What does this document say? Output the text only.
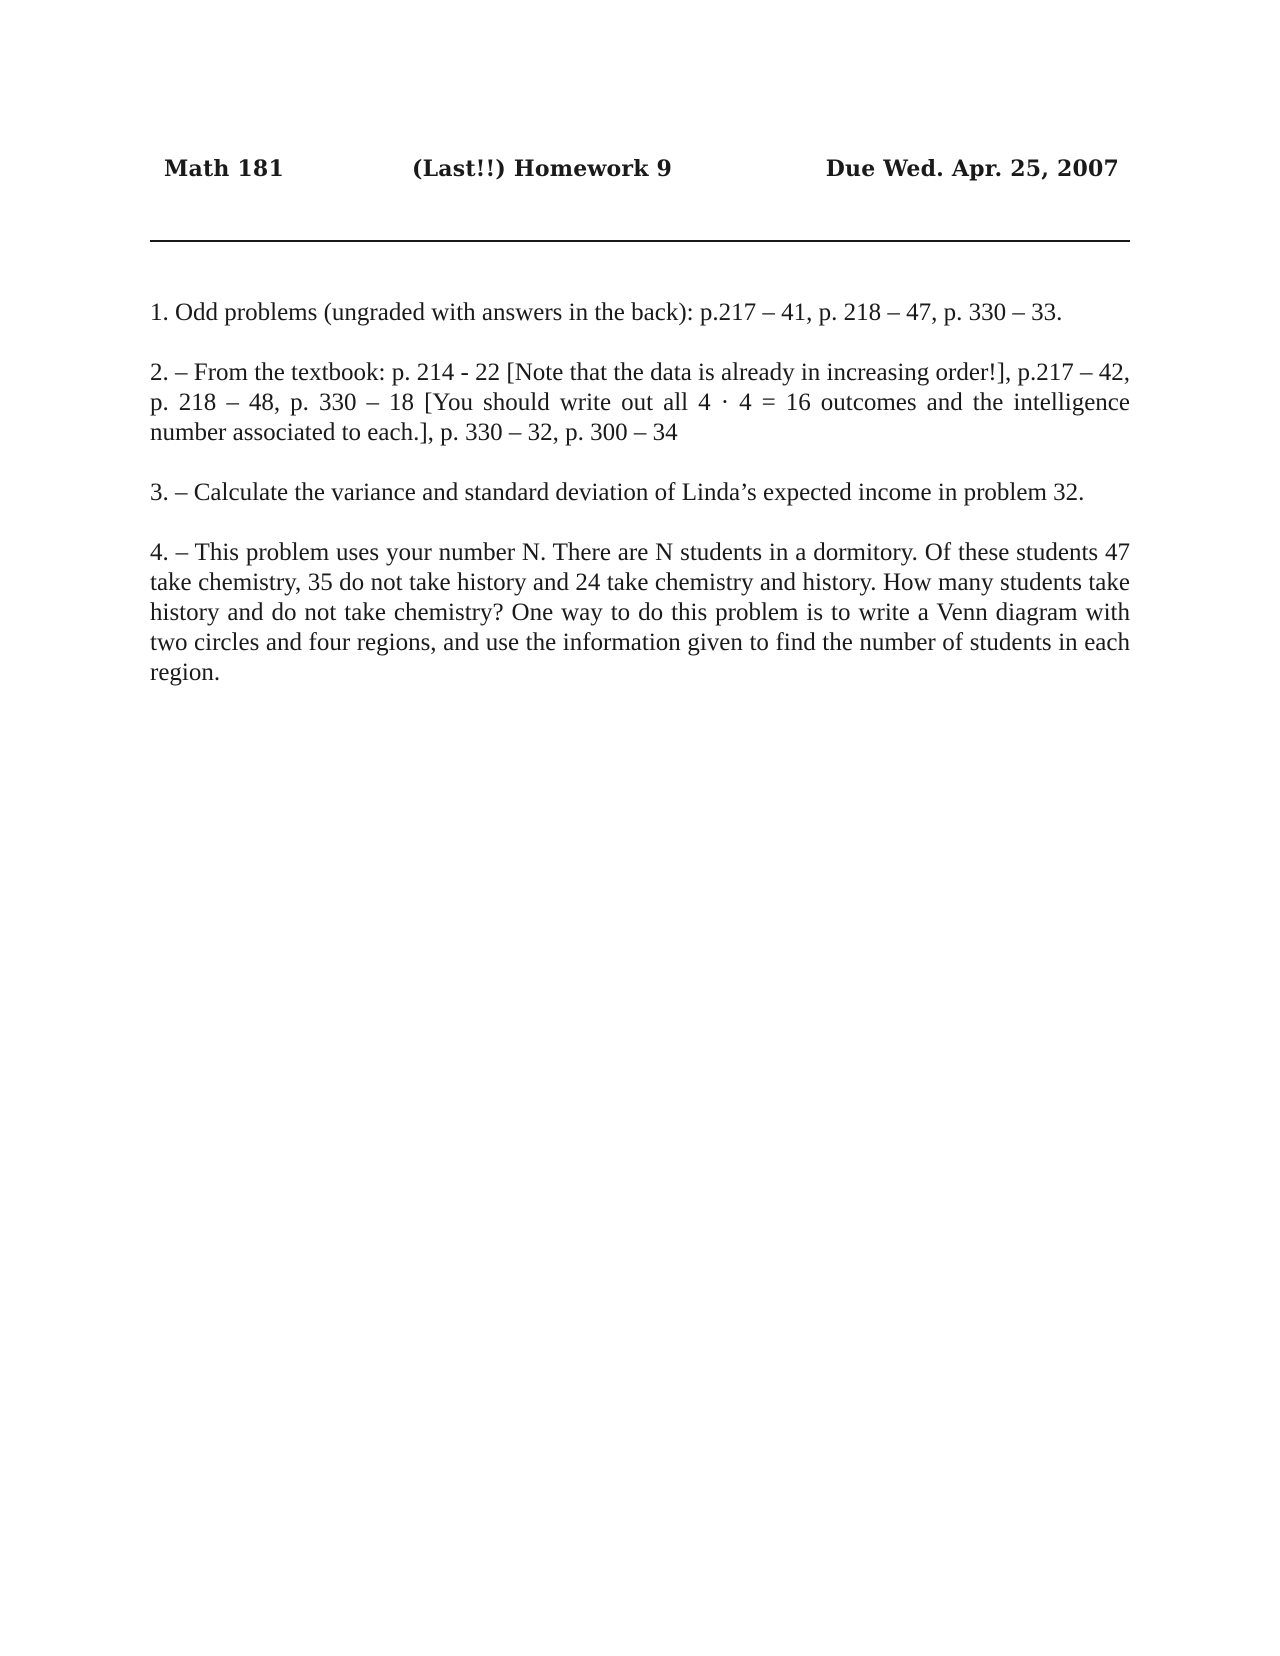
Math 181	(Last!!) Homework 9	Due Wed. Apr. 25, 2007

1. Odd problems (ungraded with answers in the back): p.217 – 41, p. 218 – 47, p. 330 – 33.

2. – From the textbook: p. 214 - 22 [Note that the data is already in increasing order!], p.217 – 42, p. 218 – 48, p. 330 – 18 [You should write out all 4 · 4 = 16 outcomes and the intelligence number associated to each.], p. 330 – 32, p. 300 – 34

3. – Calculate the variance and standard deviation of Linda’s expected income in problem 32.

4. – This problem uses your number N. There are N students in a dormitory. Of these students 47 take chemistry, 35 do not take history and 24 take chemistry and history. How many students take history and do not take chemistry? One way to do this problem is to write a Venn diagram with two circles and four regions, and use the information given to find the number of students in each region.
